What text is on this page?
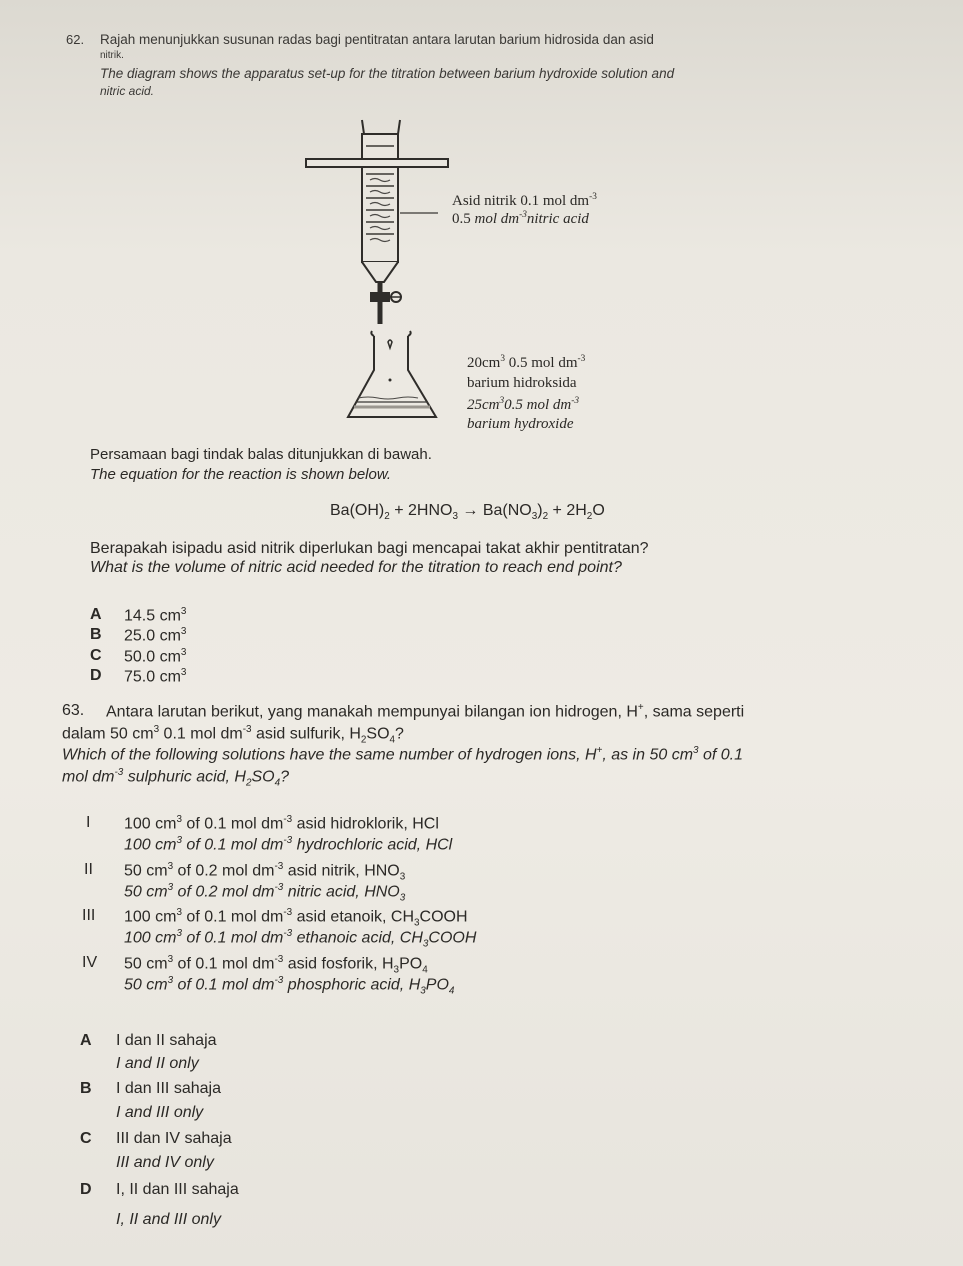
62. Rajah menunjukkan susunan radas bagi pentitratan antara larutan barium hidrosida dan asid
nitrik.
The diagram shows the apparatus set-up for the titration between barium hydroxide solution and
nitric acid.
Asid nitrik 0.1 mol $dm^{-3}$
0.5 mol $dm^{-3}nitric$ acid
$20cm^3$ 0.5 mol $dm^{-3}$
barium hidroksida
$25cm^30.5$ mol $dm^{-3}$
barium hydroxide
Persamaan bagi tindak balas ditunjukkan di bawah.
The equation for the reaction is shown below.
$Ba(OH)_2 + 2HNO_3 \to Ba(NO_3)_2 + 2H_2O$
Berapakah isipadu asid nitrik diperlukan bagi mencapai takat akhir pentitratan?
What is the volume of nitric acid needed for the titration to reach end point?
A 14.5 $cm^3$
B 25.0 $cm^3$
C 50.0 $cm^3$
D 75.0 $cm^3$
63. Antara larutan berikut, yang manakah mempunyai bilangan ion hidrogen, H+, sama seperti
dalam 50 $cm^3$ 0.1 mol $dm^{-3}$ asid sulfurik, $H_2SO_4$?
Which of the following solutions have the same number of hydrogen ions, H+, as in 50 $cm^3$ of 0.1
mol $dm^{-3}$ sulphuric acid, $H_2SO_4$?
I 100 $cm^3$ of 0.1 mol $dm^{-3}$ asid hidroklorik, HCl
100 $cm^3$ of 0.1 mol $dm^{-3}$ hydrochloric acid, HCl
II 50 $cm^3$ of 0.2 mol $dm^{-3}$ asid nitrik, $HNO_3$
50 $cm^3$ of 0.2 mol $dm^{-3}$ nitric acid, $HNO_3$
III 100 $cm^3$ of 0.1 mol $dm^{-3}$ asid etanoik, $CH_3COOH$
100 $cm^3$ of 0.1 mol $dm^{-3}$ ethanoic acid, $CH_3COOH$
IV 50 $cm^3$ of 0.1 mol $dm^{-3}$ asid fosforik, $H_3PO_4$
50 $cm^3$ of 0.1 mol $dm^{-3}$ phosphoric acid, $H_3PO_4$
A I dan II sahaja
I and II only
B I dan III sahaja
I and III only
C III dan IV sahaja
III and IV only
D I, II dan III sahaja
I, II and III only
